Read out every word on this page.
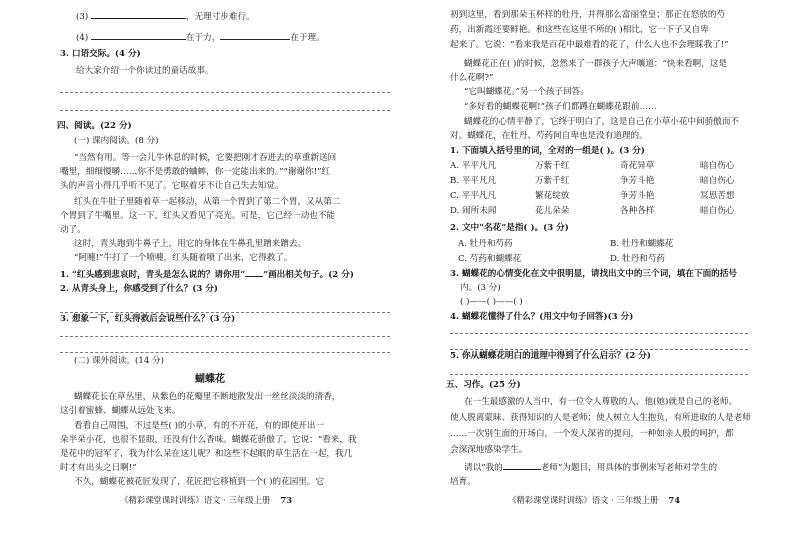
(3)	，无理寸步难行。
(4)	在于力，	在于理。
3. 口语交际。(4 分)
给大家介绍一个你读过的童话故事。
四、阅读。(22 分)
(一) 课内阅读。(8 分)
“当然有用。等一会儿牛休息的时候，它要把刚才吞进去的草重新送回
嘴里，细细慢嚼……你不是勇敢的蛐蟀，你一定能出来的。”“谢谢你!”红
头的声音小得几乎听不见了。它呕着牙不让自己失去知觉。
红头在牛肚子里随着草一起移动，从第一个胃到了第二个胃，又从第二
个胃到了牛嘴里。这一下，红头又看见了亮光。可是，它已经一动也不能
动了。
这时，青头跑到牛鼻子上，用它的身体在牛鼻孔里蹭来蹭去。
“阿嚏!”牛打了一个喷嚏，红头随着喷了出来，它得救了。
1. “红头感到悲哀时，青头是怎么说的？请你用“ ”画出相关句子。(2 分)
2. 从青头身上，你感受到了什么？(3 分)
3. 想象一下，红头得救后会说些什么？(3 分)
(二) 课外阅读。(14 分)
蝴蝶花
蝴蝶花长在草丛里，从紫色的花瓣里不断地散发出一丝丝淡淡的清香，
这引着蜜蜂、蝴蝶从远处飞来。
看看自己周围，不过是些( )的小草，有的不开花，有的即使开出一
朵半朵小花，也很不显眼，还没有什么香味。蝴蝶花骄傲了，它说：“看来，我
是花中的冠军了，我为什么呆在这儿呢？和这些不起眼的草生活在一起，我几
时才有出头之日啊!”
不久，蝴蝶花被花匠发现了，花匠把它移植到一个( )的花园里。它
《精彩课堂课时训练》语文 · 三年级上册 73
初到这里，看到那朵玉杯样的牡丹，并得那么富丽堂皇；那正在怒放的芍
药，出新霞还要鲜艳。和这些在这里不所的( )相比，它一下子又自卑
起来了。它说：“看来我是百花中最难看的花了，什么人也不会理睬我了!”
蝴蝶花正在( )的时候，忽然来了一群孩子大声嚷道：“快来看啊，这是
什么花啊?”
“它叫蝴蝶花。”另一个孩子回答。
“多好看的蝴蝶花啊!”孩子们都蹲在蝴蝶花跟前……
蝴蝶花的心情平静了，它终于明白了，这是自己在小草小花中间骄傲而不
对。蝴蝶花，在牡丹、芍药间自卑也是没有道理的。
1. 下面填入括号里的词，全对的一组是( )。(3 分)
A. 平平凡凡	万紫千红	奇花异草	暗自伤心
B. 平平凡凡	万紫千红	争芳斗艳	暗自伤心
C. 平平凡凡	繁花绽放	争芳斗艳	冥思苦想
D. 闹所未闻	花儿朵朵	各种各样	暗自伤心
2. 文中“名花”是指( )。(3 分)
A. 牡丹和芍药	B. 牡丹和蝴蝶花
C. 芍药和蝴蝶花	D. 牡丹和芍药
3. 蝴蝶花的心情变化在文中很明显，请找出文中的三个词，填在下面的括号
内。(3 分)
( )——( )——( )
4. 蝴蝶花懂得了什么？(用文中句子回答)(3 分)
5. 你从蝴蝶花明白的道理中得到了什么启示？(2 分)
五、习作。(25 分)
在一生最感激的人当中，有一位令人尊敬的人，他(她)就是自己的老师。
使人脱离蒙昧、获得知识的人是老师；使人树立人生抱负，有所进取的人是老师
……一次别生面的开场白，一个发人深省的提问，一种如亲人般的呵护，都
会深深地感染学生。
请以“我的	老师”为题目，用具体的事例来写老师对学生的
培育。
《精彩课堂课时训练》语文 · 三年级上册 74
